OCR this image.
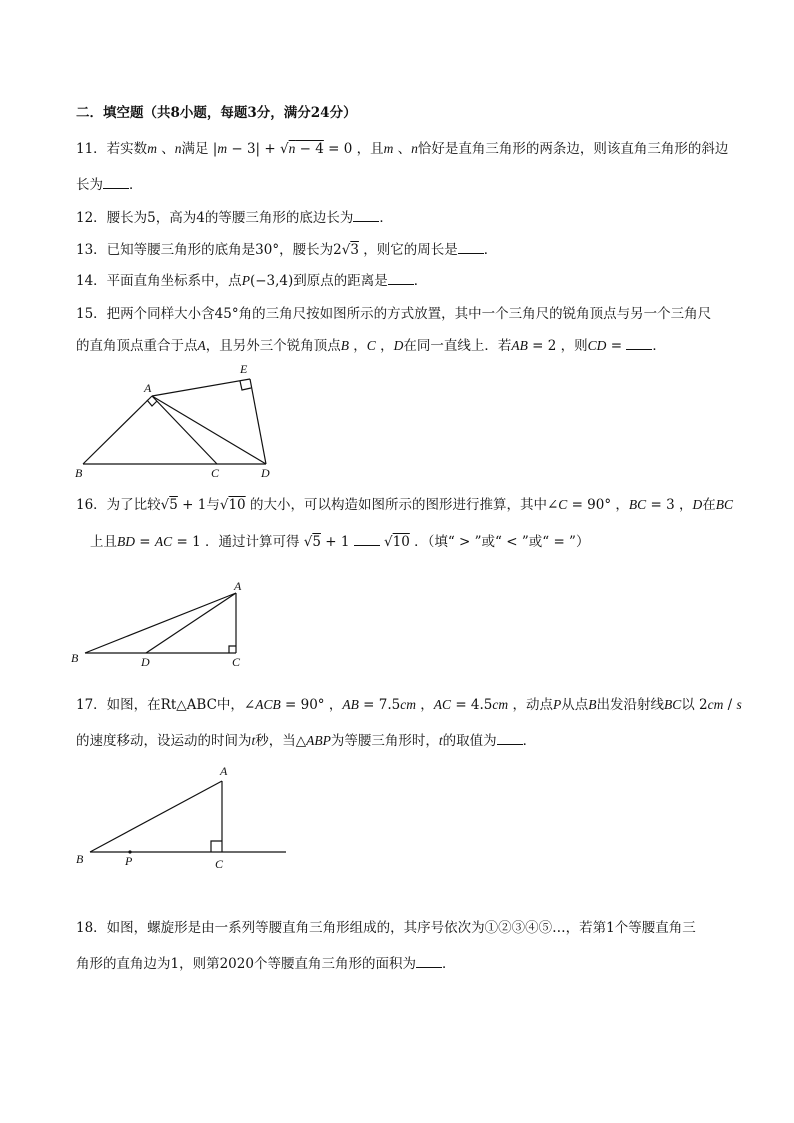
二．填空题（共8小题，每题3分，满分24分）
11．若实数m 、n满足 |m − 3| + √n − 4 = 0 ，且m 、n恰好是直角三角形的两条边，则该直角三角形的斜边
长为 ．
12．腰长为5，高为4的等腰三角形的底边长为 ．
13．已知等腰三角形的底角是30°，腰长为2√3 ，则它的周长是 ．
14．平面直角坐标系中，点P(−3,4)到原点的距离是 ．
15．把两个同样大小含45°角的三角尺按如图所示的方式放置，其中一个三角尺的锐角顶点与另一个三角尺
的直角顶点重合于点A，且另外三个锐角顶点B ，C ，D在同一直线上．若AB = 2 ，则CD = ．
A
E
B	C	D
16．为了比较√5 + 1与√10 的大小，可以构造如图所示的图形进行推算，其中∠C = 90° ，BC = 3 ，D在BC
上且BD = AC = 1 ．通过计算可得 √5 + 1  √10 ．（填“ > ”或“ < ”或“ = ”）
A
B	D	C
17．如图，在Rt△ABC中，∠ACB = 90° ，AB = 7.5cm ，AC = 4.5cm ，动点P从点B出发沿射线BC以 2cm / s
的速度移动，设运动的时间为t秒，当△ABP为等腰三角形时，t的取值为 ．
A
B	P	C
18．如图，螺旋形是由一系列等腰直角三角形组成的，其序号依次为①②③④⑤…，若第1个等腰直角三
角形的直角边为1，则第2020个等腰直角三角形的面积为 ．
